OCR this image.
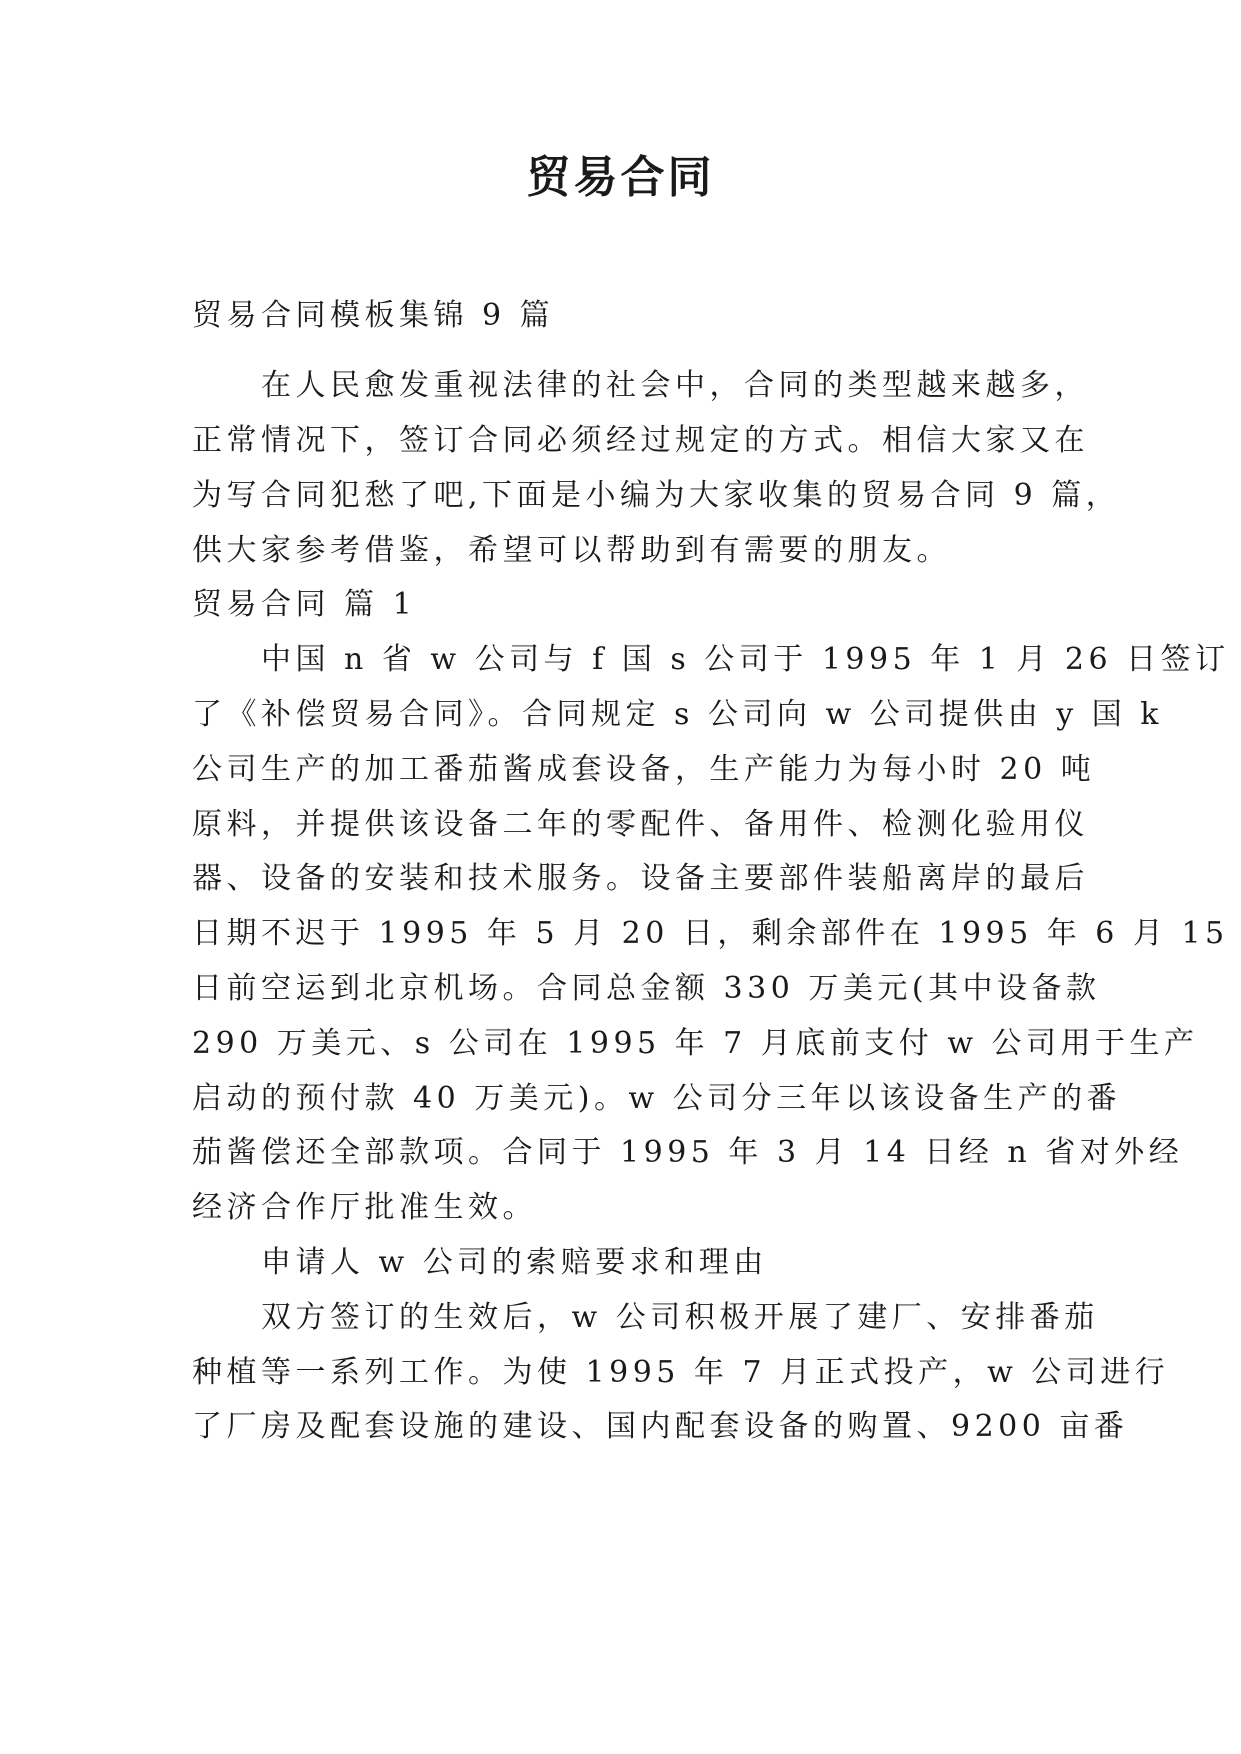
贸易合同
贸易合同模板集锦 9 篇
　　在人民愈发重视法律的社会中，合同的类型越来越多，
正常情况下，签订合同必须经过规定的方式。相信大家又在
为写合同犯愁了吧,下面是小编为大家收集的贸易合同 9 篇，
供大家参考借鉴，希望可以帮助到有需要的朋友。
贸易合同 篇 1
　　中国 n 省 w 公司与 f 国 s 公司于 1995 年 1 月 26 日签订
了《补偿贸易合同》。合同规定 s 公司向 w 公司提供由 y 国 k
公司生产的加工番茄酱成套设备，生产能力为每小时 20 吨
原料，并提供该设备二年的零配件、备用件、检测化验用仪
器、设备的安装和技术服务。设备主要部件装船离岸的最后
日期不迟于 1995 年 5 月 20 日，剩余部件在 1995 年 6 月 15
日前空运到北京机场。合同总金额 330 万美元(其中设备款
290 万美元、s 公司在 1995 年 7 月底前支付 w 公司用于生产
启动的预付款 40 万美元)。w 公司分三年以该设备生产的番
茄酱偿还全部款项。合同于 1995 年 3 月 14 日经 n 省对外经
经济合作厅批准生效。
　　申请人 w 公司的索赔要求和理由
　　双方签订的生效后，w 公司积极开展了建厂、安排番茄
种植等一系列工作。为使 1995 年 7 月正式投产，w 公司进行
了厂房及配套设施的建设、国内配套设备的购置、9200 亩番
